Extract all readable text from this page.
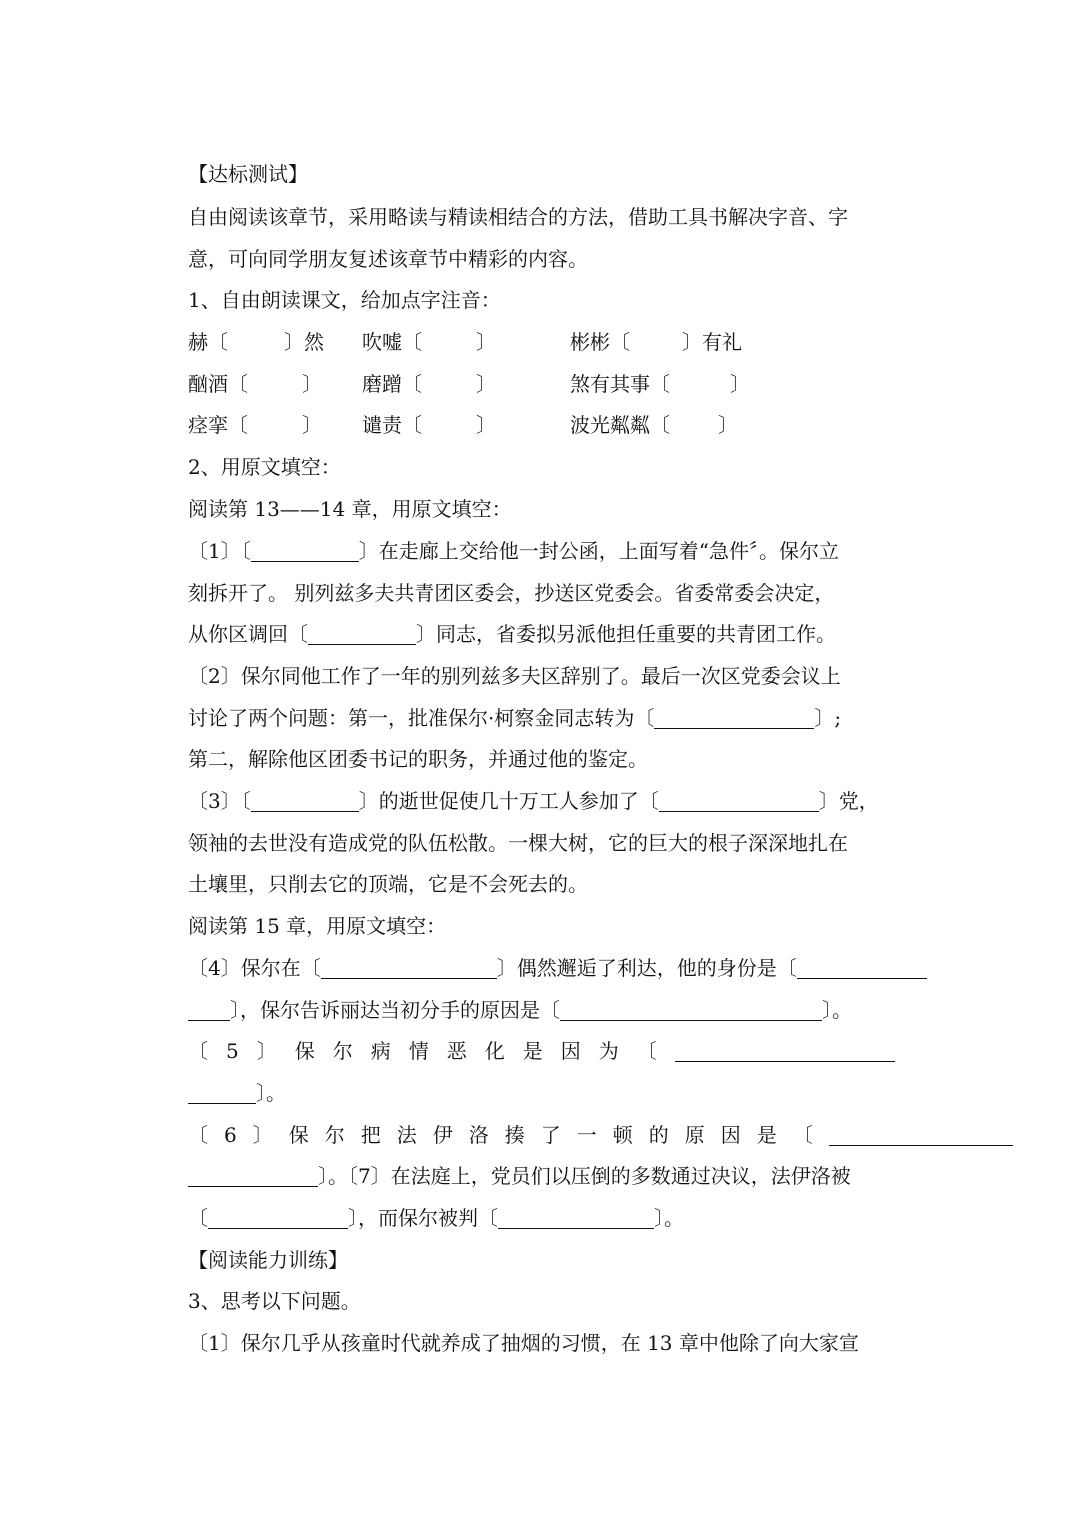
【达标测试】
自由阅读该章节，采用略读与精读相结合的方法，借助工具书解决字音、字
意，可向同学朋友复述该章节中精彩的内容。
1、自由朗读课文，给加点字注音：
赫〔	〕然 吹嘘〔	〕	彬彬〔	〕有礼
酗酒〔	〕 磨蹭〔	〕	煞有其事〔	〕
痉挛〔	〕 谴责〔	〕	波光粼粼〔 〕
2、用原文填空：
阅读第 13——14 章，用原文填空：
〔1〕〔	〕在走廊上交给他一封公函，上面写着“急件〞。保尔立
刻拆开了。 别列兹多夫共青团区委会，抄送区党委会。省委常委会决定，
从你区调回〔	〕同志，省委拟另派他担任重要的共青团工作。
〔2〕保尔同他工作了一年的别列兹多夫区辞别了。最后一次区党委会议上
讨论了两个问题：第一，批准保尔·柯察金同志转为〔	〕;
第二，解除他区团委书记的职务，并通过他的鉴定。
〔3〕〔	〕的逝世促使几十万工人参加了〔	〕党，
领袖的去世没有造成党的队伍松散。一棵大树，它的巨大的根子深深地扎在
土壤里，只削去它的顶端，它是不会死去的。
阅读第 15 章，用原文填空：
〔4〕保尔在〔	〕偶然邂逅了利达，他的身份是〔
〕，保尔告诉丽达当初分手的原因是〔	〕。
〔5〕保尔病情恶化是因为〔
〕。
〔6〕保尔把法伊洛揍了一顿的原因是〔
〕。〔7〕在法庭上，党员们以压倒的多数通过决议，法伊洛被
〔	〕，而保尔被判〔	〕。
【阅读能力训练】
3、思考以下问题。
〔1〕保尔几乎从孩童时代就养成了抽烟的习惯，在 13 章中他除了向大家宣
